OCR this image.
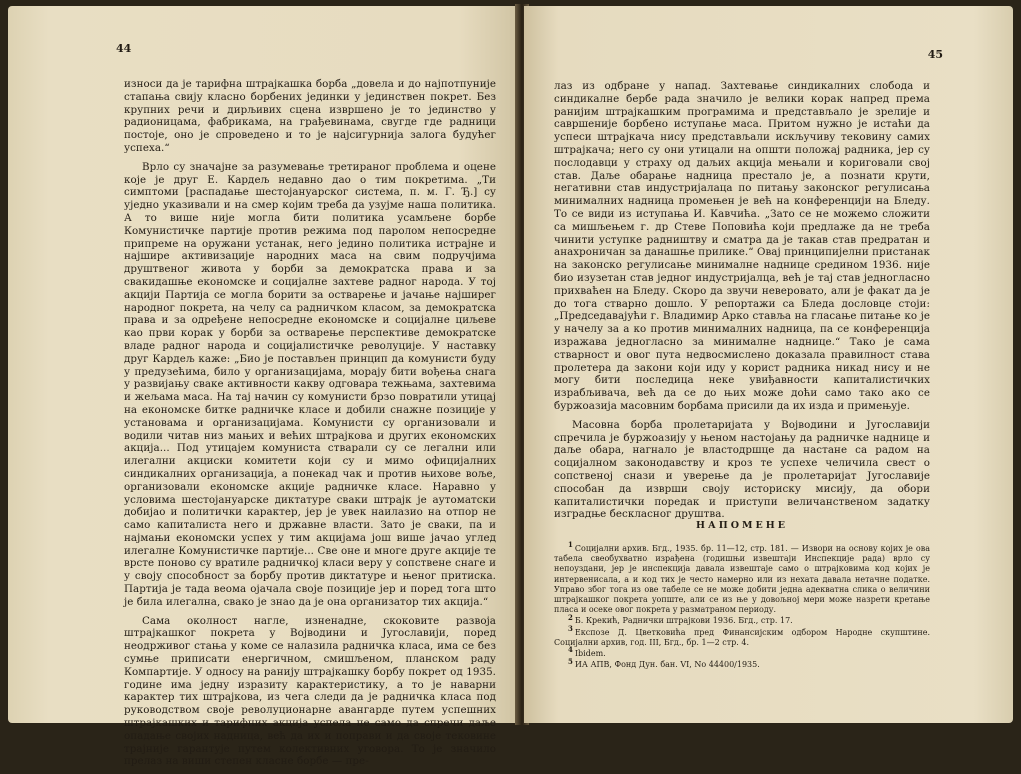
44

износи да је тарифна штрајкашка борба „довела и до најпотпуније стапања свију класно борбених јединки у јединствен покрет. Без крупних речи и дирљивих сцена извршено је то јединство у радионицама, фабрикама, на грађевинама, свугде где радници постоје, оно је спроведено и то је најсигурнија залога будућег успеха.“

Врло су значајне за разумевање третираног проблема и оцене које је друг Е. Кардељ недавно дао о тим покретима. „Ти симптоми [распадање шестојануарског система, п. м. Г. Ђ.] су уједно указивали и на смер којим треба да узујме наша политика. А то више није могла бити политика усамљене борбе Комунистичке партије против режима под паролом непосредне припреме на оружани устанак, него једино политика истрајне и најшире активизације народних маса на свим подручјима друштвеног живота у борби за демократска права и за свакидашње економске и социјалне захтеве радног народа. У тој акцији Партија се могла борити за остварење и јачање најширег народног покрета, на челу са радничком класом, за демократска права и за одређене непосредне економске и социјалне циљеве као први корак у борби за остварење перспективе демократске владе радног народа и социјалистичке револуције. У наставку друг Кардељ каже: „Био је постављен принцип да комунисти буду у предузећима, било у организацијама, морају бити вођења снага у развијању сваке активности какву одговара тежњама, захтевима и жељама маса. На тај начин су комунисти брзо повратили утицај на економске битке радничке класе и добили снажне позиције у установама и организацијама. Комунисти су организовали и водили читав низ мањих и већих штрајкова и других економских акција... Под утицајем комуниста стварали су се легални или илегални акциски комитети који су и мимо официјалних синдикалних организација, а понекад чак и против њихове воље, организовали економске акције радничке класе. Наравно у условима шестојануарске диктатуре сваки штрајк је аутоматски добијао и политички карактер, јер је увек наилазио на отпор не само капиталиста него и државне власти. Зато је сваки, па и најмањи економски успех у тим акцијама још више јачао углед илегалне Комунистичке партије... Све оне и многе друге акције те врсте поново су вратиле радничкој класи веру у сопствене снаге и у своју способност за борбу против диктатуре и њеног притиска. Партија је тада веома ојачала своје позиције јер и поред тога што је била илегална, свако је знао да је она организатор тих акција.“

Сама околност нагле, изненадне, скоковите развоја штрајкашког покрета у Војводини и Југославији, поред неодрживог стања у коме се налазила радничка класа, има се без сумње приписати енергичном, смишљеном, планском раду Компартије. У односу на ранију штрајкашку борбу покрет од 1935. године има једну изразиту карактеристику, а то је наварни карактер тих штрајкова, из чега следи да је радничка класа под руководством своје револуционарне авангарде путем успешних штрајкашких и тарифних акција успела не само да спречи даље опадање својих надница, већ да их и поправи и да своје тековине трајније гарантује путем колективних уговора. То је значило прелаз на виши степен класне борбе — пре-

45

лаз из одбране у напад. Захтевање синдикалних слобода и синдикалне бербе рада значило је велики корак напред према ранијим штрајкашким програмима и представљало је зрелије и савршеније борбено иступање маса. Притом нужно је истаћи да успеси штрајкача нису представљали искључиву тековину самих штрајкача; него су они утицали на општи положај радника, јер су послодавци у страху од даљих акција мењали и кориговали свој став. Даље обарање надница престало је, а познати крути, негативни став индустријалаца по питању законског регулисања минималних надница промењен је већ на конференцији на Бледу. То се види из иступања И. Кавчића. „Зато се не можемо сложити са мишљењем г. др Стеве Пoповића који предлаже да не треба чинити уступке радништву и сматра да је такав став предратан и анахроничан за данашње прилике.“ Овај принципијелни пристанак на законско регулисање минималне наднице средином 1936. није био изузетан став једног индустријалца, већ је тај став једногласно прихваћен на Бледу. Скоро да звучи неверовато, али је факат да је до тога стварно дошло. У репортажи са Бледа дословце стоји: „Председавајући г. Владимир Арко ставља на гласање питање ко је у начелу за а ко против минималних надница, па се конференција изражава једногласно за минималне наднице.“ Тако је сама стварност и овог пута недвосмислено доказала правилност става пролетера да закони који иду у корист радника никад нису и не могу бити последица неке увиђавности капиталистичких израбљивача, већ да се до њих може доћи само тако ако се буржоазија масовним борбама присили да их изда и примењује.

Масовна борба пролетаријата у Војводини и Југославији спречила је буржоазију у њеном настојању да радничке наднице и даље обара, нагнало је властодршце да настане са радом на социјалном законодавству и кроз те успехе челичила свест о сопственој снази и уверење да је пролетаријат Југославије способан да изврши своју историску мисију, да обори капиталистички поредак и приступи величанственом задатку изградње бескласног друштва.

НАПОМЕНЕ
1 Социјални архив. Бгд., 1935. бр. 11—12, стр. 181. — Извори на основу којих је ова табела свеобухватно израђена (годишњи извештаји Инспекције рада) врло су непоуздани, јер је инспекција давала извештаје само о штрајковима код којих је интервенисала, а и код тих је често намерно или из нехата давала нетачне податке. Управо због тога из ове табеле се не може добити једна адекватна слика о величини штрајкашког покрета уопште, али се из ње у довољној мери може назрети кретање пласа и осеке овог покрета у разматраном периоду.
2 Б. Крекић, Раднички штрајкови 1936. Бгд., стр. 17.
3 Експозе Д. Цветковића пред Финансијским одбором Народне скупштине. Социјални архив, год. III, Бгд., бр. 1—2 стр. 4.
4 Ibidem.
5 ИА АПВ, Фонд Дун. бан. VI, No 44400/1935.
